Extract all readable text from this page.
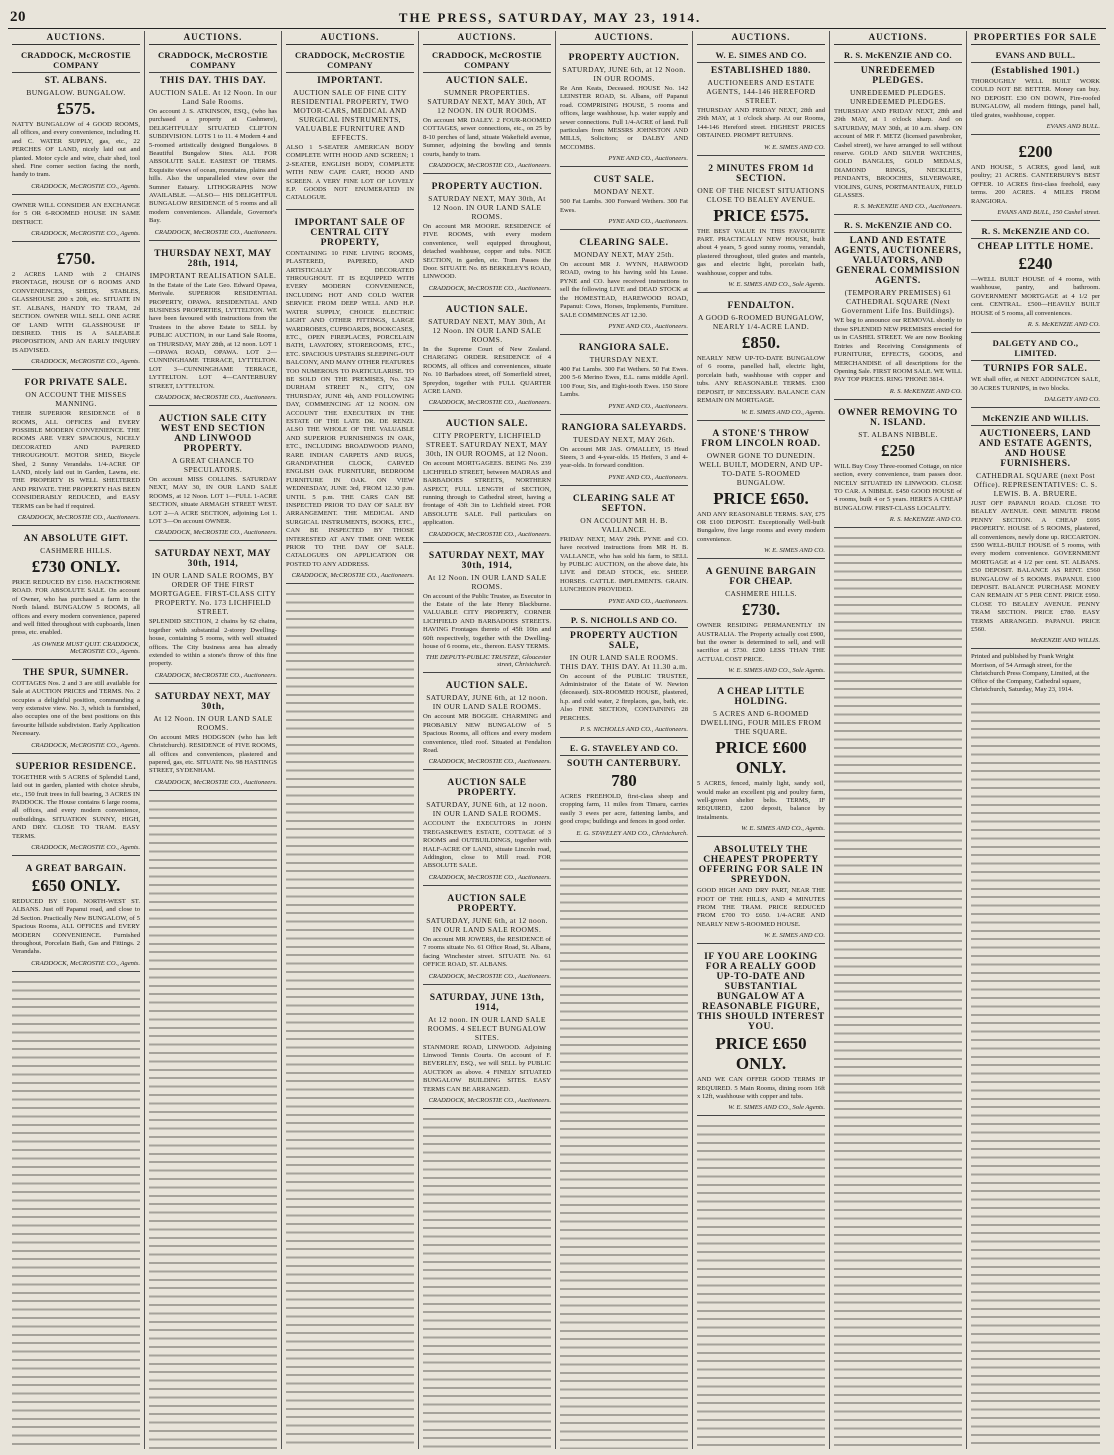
20	THE PRESS, SATURDAY, MAY 23, 1914.
AUCTIONS.
CRADDOCK, McCROSTIE COMPANY
ST. ALBANS.
BUNGALOW. BUNGALOW.
£575.

NATTY BUNGALOW of 4 GOOD ROOMS, all offices, and every convenience, including H. and C. WATER SUPPLY, gas, etc., 22 PERCHES OF LAND, nicely laid out and planted. Motor cycle and wire, chair shed, tool shed. Fine corner section facing the north, handy to tram.

CRADDOCK, McCROSTIE CO., Agents.

OWNER WILL CONSIDER AN EXCHANGE for 5 OR 6-ROOMED HOUSE IN SAME DISTRICT.

CRADDOCK, McCROSTIE CO., Agents.
£750.

2 ACRES LAND with 2 CHAINS FRONTAGE, HOUSE OF 6 ROOMS AND CONVENIENCES, SHEDS, STABLES, GLASSHOUSE 200 x 20ft, etc. SITUATE IN ST. ALBANS, HANDY TO TRAM, 2d SECTION. OWNER WILL SELL ONE ACRE OF LAND WITH GLASSHOUSE IF DESIRED. THIS IS A SALEABLE PROPOSITION, AND AN EARLY INQUIRY IS ADVISED.

CRADDOCK, McCROSTIE CO., Agents.
FOR PRIVATE SALE.
ON ACCOUNT THE MISSES MANNING.

THEIR SUPERIOR RESIDENCE of 8 ROOMS, ALL OFFICES and EVERY POSSIBLE MODERN CONVENIENCE. THE ROOMS ARE VERY SPACIOUS, NICELY DECORATED AND PAPERED THROUGHOUT. MOTOR SHED, Bicycle Shed, 2 Sunny Verandahs. 1/4-ACRE OF LAND, nicely laid out in Garden, Lawns, etc. THE PROPERTY IS WELL SHELTERED AND PRIVATE. THE PROPERTY HAS BEEN CONSIDERABLY REDUCED, and EASY TERMS can be had if required.

CRADDOCK, McCROSTIE CO., Auctioneers.
AN ABSOLUTE GIFT.
CASHMERE HILLS.
£730 ONLY.

PRICE REDUCED BY £150. HACKTHORNE ROAD. FOR ABSOLUTE SALE. On account of Owner, who has purchased a farm in the North Island. BUNGALOW 5 ROOMS, all offices and every modern convenience, papered and well fitted throughout with cupboards, linen press, etc. enabled.

AS OWNER MUST QUIT. CRADDOCK, McCROSTIE CO., Agents.
THE SPUR, SUMNER.

COTTAGES Nos. 2 and 3 are still available for Sale at AUCTION PRICES and TERMS. No. 2 occupies a delightful position, commanding a very extensive view. No. 3, which is furnished, also occupies one of the best positions on this favourite hillside subdivision. Early Application Necessary.

CRADDOCK, McCROSTIE CO., Agents.
SUPERIOR RESIDENCE.

TOGETHER with 5 ACRES of Splendid Land, laid out in garden, planted with choice shrubs, etc., 150 fruit trees in full bearing, 3 ACRES IN PADDOCK. The House contains 6 large rooms, all offices, and every modern convenience, outbuildings. SITUATION SUNNY, HIGH, AND DRY. CLOSE TO TRAM. EASY TERMS.

CRADDOCK, McCROSTIE CO., Agents.
A GREAT BARGAIN.
£650 ONLY.

REDUCED BY £100. NORTH-WEST ST. ALBANS. Just off Papanui road, and close to 2d Section. Practically New BUNGALOW, of 5 Spacious Rooms, ALL OFFICES and EVERY MODERN CONVENIENCE. Furnished throughout, Porcelain Bath, Gas and Fittings. 2 Verandahs.

CRADDOCK, McCROSTIE CO., Agents.
AUCTIONS.
CRADDOCK, McCROSTIE COMPANY
THIS DAY. THIS DAY.
AUCTION SALE. At 12 Noon. In our Land Sale Rooms.

On account J. S. ATKINSON, ESQ., (who has purchased a property at Cashmere), DELIGHTFULLY SITUATED CLIFTON SUBDIVISION. LOTS 1 to 11. 4 Modern 4 and 5-roomed artistically designed Bungalows. 8 Beautiful Bungalow Sites. ALL FOR ABSOLUTE SALE. EASIEST OF TERMS. Exquisite views of ocean, mountains, plains and hills. Also the unparalleled view over the Sumner Estuary. LITHOGRAPHS NOW AVAILABLE. —ALSO— HIS DELIGHTFUL BUNGALOW RESIDENCE of 5 rooms and all modern conveniences. Allandale, Governor's Bay.

CRADDOCK, McCROSTIE CO., Auctioneers.
THURSDAY NEXT, MAY 28th, 1914,
IMPORTANT REALISATION SALE.

In the Estate of the Late Geo. Edward Opawa, Merivale. SUPERIOR RESIDENTIAL PROPERTY, OPAWA. RESIDENTIAL AND BUSINESS PROPERTIES, LYTTELTON. WE have been favoured with instructions from the Trustees in the above Estate to SELL by PUBLIC AUCTION, in our Land Sale Rooms, on THURSDAY, MAY 28th, at 12 noon. LOT 1—OPAWA ROAD, OPAWA. LOT 2—CUNNINGHAME TERRACE, LYTTELTON. LOT 3—CUNNINGHAME TERRACE, LYTTELTON. LOT 4—CANTERBURY STREET, LYTTELTON.

CRADDOCK, McCROSTIE CO., Auctioneers.
AUCTION SALE CITY WEST END SECTION AND LINWOOD PROPERTY.
A GREAT CHANCE TO SPECULATORS.

On account MISS COLLINS. SATURDAY NEXT, MAY 30, IN OUR LAND SALE ROOMS, at 12 Noon. LOT 1—FULL 1-ACRE SECTION, situate ARMAGH STREET WEST. LOT 2—A ACRE SECTION, adjoining Lot 1. LOT 3—On account OWNER.

CRADDOCK, McCROSTIE CO., Auctioneers.
SATURDAY NEXT, MAY 30th, 1914,
IN OUR LAND SALE ROOMS, BY ORDER OF THE FIRST MORTGAGEE. FIRST-CLASS CITY PROPERTY. No. 173 LICHFIELD STREET.

SPLENDID SECTION, 2 chains by 62 chains, together with substantial 2-storey Dwelling-house, containing 5 rooms, with well situated offices. The City business area has already extended to within a stone's throw of this fine property.

CRADDOCK, McCROSTIE CO., Auctioneers.
SATURDAY NEXT, MAY 30th,
At 12 Noon. IN OUR LAND SALE ROOMS.

On account MRS HODGSON (who has left Christchurch). RESIDENCE of FIVE ROOMS, all offices and conveniences, plastered and papered, gas, etc. SITUATE No. 98 HASTINGS STREET, SYDENHAM.

CRADDOCK, McCROSTIE CO., Auctioneers.
AUCTIONS.
CRADDOCK, McCROSTIE COMPANY
IMPORTANT.
AUCTION SALE OF FINE CITY RESIDENTIAL PROPERTY, TWO MOTOR-CARS, MEDICAL AND SURGICAL INSTRUMENTS, VALUABLE FURNITURE AND EFFECTS.

ALSO 1 5-SEATER AMERICAN BODY COMPLETE WITH HOOD AND SCREEN; 1 2-SEATER, ENGLISH BODY, COMPLETE WITH NEW CAPE CART, HOOD AND SCREEN. A VERY FINE LOT OF LOVELY E.P. GOODS NOT ENUMERATED IN CATALOGUE.

IMPORTANT SALE OF CENTRAL CITY PROPERTY,

CONTAINING 10 FINE LIVING ROOMS, PLASTERED, PAPERED, AND ARTISTICALLY DECORATED THROUGHOUT. IT IS EQUIPPED WITH EVERY MODERN CONVENIENCE, INCLUDING HOT AND COLD WATER SERVICE FROM DEEP WELL AND H.P. WATER SUPPLY, CHOICE ELECTRIC LIGHT AND OTHER FITTINGS, LARGE WARDROBES, CUPBOARDS, BOOKCASES, ETC., OPEN FIREPLACES, PORCELAIN BATH, LAVATORY, STOREROOMS, ETC., ETC. SPACIOUS UPSTAIRS SLEEPING-OUT BALCONY, AND MANY OTHER FEATURES TOO NUMEROUS TO PARTICULARISE. TO BE SOLD ON THE PREMISES, No. 324 DURHAM STREET N., CITY, ON THURSDAY, JUNE 4th, AND FOLLOWING DAY, COMMENCING AT 12 NOON. ON ACCOUNT THE EXECUTRIX IN THE ESTATE OF THE LATE DR. DE RENZI. ALSO THE WHOLE OF THE VALUABLE AND SUPERIOR FURNISHINGS IN OAK, ETC., INCLUDING BROADWOOD PIANO, RARE INDIAN CARPETS AND RUGS, GRANDFATHER CLOCK, CARVED ENGLISH OAK FURNITURE, BEDROOM FURNITURE IN OAK. ON VIEW WEDNESDAY, JUNE 3rd, FROM 12.30 p.m. UNTIL 5 p.m. THE CARS CAN BE INSPECTED PRIOR TO DAY OF SALE BY ARRANGEMENT. THE MEDICAL AND SURGICAL INSTRUMENTS, BOOKS, ETC., CAN BE INSPECTED BY THOSE INTERESTED AT ANY TIME ONE WEEK PRIOR TO THE DAY OF SALE. CATALOGUES ON APPLICATION OR POSTED TO ANY ADDRESS.

CRADDOCK, McCROSTIE CO., Auctioneers.
AUCTIONS.
CRADDOCK, McCROSTIE COMPANY
AUCTION SALE.
SUMNER PROPERTIES. SATURDAY NEXT, MAY 30th, AT 12 NOON. IN OUR ROOMS.

On account MR DALEY. 2 FOUR-ROOMED COTTAGES, sewer connections, etc., on 25 by 8-10 perches of land, situate Wakefield avenue, Sumner, adjoining the bowling and tennis courts, handy to tram.

CRADDOCK, McCROSTIE CO., Auctioneers.
PROPERTY AUCTION.
SATURDAY NEXT, MAY 30th, At 12 Noon. IN OUR LAND SALE ROOMS.

On account MR MOORE. RESIDENCE of FIVE ROOMS, with every modern convenience, well equipped throughout, detached washhouse, copper and tubs. NICE SECTION, in garden, etc. Tram Passes the Door. SITUATE No. 85 BERKELEY'S ROAD, LINWOOD.

CRADDOCK, McCROSTIE CO., Auctioneers.
AUCTION SALE.
SATURDAY NEXT, MAY 30th, At 12 Noon. IN OUR LAND SALE ROOMS.

In the Supreme Court of New Zealand. CHARGING ORDER. RESIDENCE of 4 ROOMS, all offices and conveniences, situate No. 10 Barbadoes street, off Somerfield street, Spreydon, together with FULL QUARTER ACRE LAND.

CRADDOCK, McCROSTIE CO., Auctioneers.
AUCTION SALE.
CITY PROPERTY, LICHFIELD STREET. SATURDAY NEXT, MAY 30th, IN OUR ROOMS, at 12 Noon.

On account MORTGAGEES. BEING No. 239 LICHFIELD STREET, between MADRAS and BARBADOES STREETS, NORTHERN ASPECT, FULL LENGTH of SECTION, running through to Cathedral street, having a frontage of 43ft 3in to Lichfield street. FOR ABSOLUTE SALE. Full particulars on application.

CRADDOCK, McCROSTIE CO., Auctioneers.
SATURDAY NEXT, MAY 30th, 1914,
At 12 Noon. IN OUR LAND SALE ROOMS.

On account of the Public Trustee, as Executor in the Estate of the late Henry Blackburne. VALUABLE CITY PROPERTY, CORNER LICHFIELD AND BARBADOES STREETS. HAVING Frontages thereto of 45ft 10in and 60ft respectively, together with the Dwelling-house of 6 rooms, etc., thereon. EASY TERMS.

THE DEPUTY-PUBLIC TRUSTEE, Gloucester street, Christchurch.
AUCTION SALE.
SATURDAY, JUNE 6th, at 12 noon. IN OUR LAND SALE ROOMS.

On account MR BOGGIE. CHARMING and PROBABLY NEW BUNGALOW of 5 Spacious Rooms, all offices and every modern convenience, tiled roof. Situated at Fendalton Road.

CRADDOCK, McCROSTIE CO., Auctioneers.
AUCTION SALE PROPERTY.
SATURDAY, JUNE 6th, at 12 noon. IN OUR LAND SALE ROOMS.

ACCOUNT the EXECUTORS in JOHN TREGASKEWE'S ESTATE, COTTAGE of 3 ROOMS and OUTBUILDINGS, together with HALF-ACRE OF LAND, situate Lincoln road, Addington, close to Mill road. FOR ABSOLUTE SALE.

CRADDOCK, McCROSTIE CO., Auctioneers.
AUCTION SALE PROPERTY.
SATURDAY, JUNE 6th, at 12 noon. IN OUR LAND SALE ROOMS.

On account MR JOWERS, the RESIDENCE of 7 rooms situate No. 61 Office Road, St. Albans, facing Winchester street. SITUATE No. 61 OFFICE ROAD, ST. ALBANS.

CRADDOCK, McCROSTIE CO., Auctioneers.
SATURDAY, JUNE 13th, 1914,
At 12 noon. IN OUR LAND SALE ROOMS. 4 SELECT BUNGALOW SITES.

STANMORE ROAD, LINWOOD. Adjoining Linwood Tennis Courts. On account of F. BEVERLEY, ESQ., we will SELL by PUBLIC AUCTION as above. 4 FINELY SITUATED BUNGALOW BUILDING SITES. EASY TERMS CAN BE ARRANGED.

CRADDOCK, McCROSTIE CO., Auctioneers.
AUCTIONS.
PROPERTY AUCTION.
SATURDAY, JUNE 6th, at 12 Noon. IN OUR ROOMS.

Re Ann Keats, Deceased. HOUSE No. 142 LEINSTER ROAD, St. Albans, off Papanui road. COMPRISING HOUSE, 5 rooms and offices, large washhouse, h.p. water supply and sewer connections. Full 1/4-ACRE of land. Full particulars from MESSRS JOHNSTON AND MILLS, Solicitors; or DALBY AND MCCOMBS.

PYNE AND CO., Auctioneers.
CUST SALE.
MONDAY NEXT.

500 Fat Lambs. 300 Forward Wethers. 300 Fat Ewes.

PYNE AND CO., Auctioneers.
CLEARING SALE.
MONDAY NEXT, MAY 25th.

On account MR J. WYNN, HARWOOD ROAD, owing to his having sold his Lease. PYNE and CO. have received instructions to sell the following LIVE and DEAD STOCK at the HOMESTEAD, HAREWOOD ROAD, Papanui: Cows, Horses, Implements, Furniture. SALE COMMENCES AT 12.30.

PYNE AND CO., Auctioneers.
RANGIORA SALE.
THURSDAY NEXT.

400 Fat Lambs. 300 Fat Wethers. 50 Fat Ewes. 200 5-6 Merino Ewes, E.L. rams middle April. 100 Four, Six, and Eight-tooth Ewes. 150 Store Lambs.

PYNE AND CO., Auctioneers.
RANGIORA SALEYARDS.
TUESDAY NEXT, MAY 26th.

On account MR JAS. O'MALLEY, 15 Head Steers, 3 and 4-year-olds. 15 Heifers, 3 and 4-year-olds. In forward condition.

PYNE AND CO., Auctioneers.
CLEARING SALE AT SEFTON.
ON ACCOUNT MR H. B. VALLANCE.

FRIDAY NEXT, MAY 29th. PYNE and CO. have received instructions from MR H. B. VALLANCE, who has sold his farm, to SELL by PUBLIC AUCTION, on the above date, his LIVE and DEAD STOCK, etc. SHEEP. HORSES. CATTLE. IMPLEMENTS. GRAIN. LUNCHEON PROVIDED.

PYNE AND CO., Auctioneers.
P. S. NICHOLLS AND CO.
PROPERTY AUCTION SALE,
IN OUR LAND SALE ROOMS. THIS DAY. THIS DAY. At 11.30 a.m.

On account of the PUBLIC TRUSTEE, Administrator of the Estate of W. Newton (deceased). SIX-ROOMED HOUSE, plastered, h.p. and cold water, 2 fireplaces, gas, bath, etc. Also FINE SECTION, CONTAINING 28 PERCHES.

P. S. NICHOLLS AND CO., Auctioneers.
E. G. STAVELEY AND CO.
SOUTH CANTERBURY.
780

ACRES FREEHOLD, first-class sheep and cropping farm, 11 miles from Timaru, carries easily 3 ewes per acre, fattening lambs, and good crops; buildings and fences in good order.

E. G. STAVELEY AND CO., Christchurch.
AUCTIONS.
W. E. SIMES AND CO.
ESTABLISHED 1880.
AUCTIONEERS AND ESTATE AGENTS, 144-146 HEREFORD STREET.

THURSDAY AND FRIDAY NEXT, 28th and 29th MAY, at 1 o'clock sharp. At our Rooms, 144-146 Hereford street. HIGHEST PRICES OBTAINED. PROMPT RETURNS.

W. E. SIMES AND CO.
2 MINUTES FROM 1d SECTION.
ONE OF THE NICEST SITUATIONS CLOSE TO BEALEY AVENUE.
PRICE £575.

THE BEST VALUE IN THIS FAVOURITE PART. PRACTICALLY NEW HOUSE, built about 4 years, 5 good sunny rooms, verandah, plastered throughout, tiled grates and mantels, gas and electric light, porcelain bath, washhouse, copper and tubs.

W. E. SIMES AND CO., Sole Agents.
FENDALTON.
A GOOD 6-ROOMED BUNGALOW, NEARLY 1/4-ACRE LAND.
£850.

NEARLY NEW UP-TO-DATE BUNGALOW of 6 rooms, panelled hall, electric light, porcelain bath, washhouse with copper and tubs. ANY REASONABLE TERMS. £300 DEPOSIT, IF NECESSARY. BALANCE CAN REMAIN ON MORTGAGE.

W. E. SIMES AND CO., Agents.
A STONE'S THROW FROM LINCOLN ROAD.
OWNER GONE TO DUNEDIN. WELL BUILT, MODERN, AND UP-TO-DATE 5-ROOMED BUNGALOW.
PRICE £650.

AND ANY REASONABLE TERMS. SAY, £75 OR £100 DEPOSIT. Exceptionally Well-built Bungalow, five large rooms and every modern convenience.

W. E. SIMES AND CO.
A GENUINE BARGAIN FOR CHEAP.
CASHMERE HILLS.
£730.

OWNER RESIDING PERMANENTLY IN AUSTRALIA. The Property actually cost £900, but the owner is determined to sell, and will sacrifice at £730. £200 LESS THAN THE ACTUAL COST PRICE.

W. E. SIMES AND CO., Sole Agents.
A CHEAP LITTLE HOLDING.
5 ACRES AND 6-ROOMED DWELLING, FOUR MILES FROM THE SQUARE.
PRICE £600 ONLY.

5 ACRES, fenced, mainly light, sandy soil, would make an excellent pig and poultry farm, well-grown shelter belts. TERMS, IF REQUIRED, £200 deposit, balance by instalments.

W. E. SIMES AND CO., Agents.
ABSOLUTELY THE CHEAPEST PROPERTY OFFERING FOR SALE IN SPREYDON.

GOOD HIGH AND DRY PART, NEAR THE FOOT OF THE HILLS, AND 4 MINUTES FROM THE TRAM. PRICE REDUCED FROM £700 TO £650. 1/4-ACRE AND NEARLY NEW 5-ROOMED HOUSE.

W. E. SIMES AND CO.
IF YOU ARE LOOKING FOR A REALLY GOOD UP-TO-DATE AND SUBSTANTIAL BUNGALOW AT A REASONABLE FIGURE, THIS SHOULD INTEREST YOU.
PRICE £650 ONLY.

AND WE CAN OFFER GOOD TERMS IF REQUIRED. 5 Main Rooms, dining room 16ft x 12ft, washhouse with copper and tubs.

W. E. SIMES AND CO., Sole Agents.
AUCTIONS.
R. S. McKENZIE AND CO.
UNREDEEMED PLEDGES.
UNREDEEMED PLEDGES. UNREDEEMED PLEDGES.

THURSDAY AND FRIDAY NEXT, 28th and 29th MAY, at 1 o'clock sharp. And on SATURDAY, MAY 30th, at 10 a.m. sharp. ON account of MR F. METZ (licensed pawnbroker, Cashel street), we have arranged to sell without reserve. GOLD AND SILVER WATCHES, GOLD BANGLES, GOLD MEDALS, DIAMOND RINGS, NECKLETS, PENDANTS, BROOCHES, SILVERWARE, VIOLINS, GUNS, PORTMANTEAUX, FIELD GLASSES.

R. S. McKENZIE AND CO., Auctioneers.
R. S. McKENZIE AND CO.
LAND AND ESTATE AGENTS, AUCTIONEERS, VALUATORS, AND GENERAL COMMISSION AGENTS.
(TEMPORARY PREMISES) 61 CATHEDRAL SQUARE (Next Government Life Ins. Buildings).

WE beg to announce our REMOVAL shortly to those SPLENDID NEW PREMISES erected for us in CASHEL STREET. We are now Booking Entries and Receiving Consignments of FURNITURE, EFFECTS, GOODS, and MERCHANDISE of all descriptions for the Opening Sale. FIRST ROOM SALE. WE WILL PAY TOP PRICES. RING 'PHONE 3814.

R. S. McKENZIE AND CO.
OWNER REMOVING TO N. ISLAND.
ST. ALBANS NIBBLE.
£250

WILL Buy Cosy Three-roomed Cottage, on nice section, every convenience, tram passes door. NICELY SITUATED IN LINWOOD. CLOSE TO CAR. A NIBBLE. £450 GOOD HOUSE of 4 rooms, built 4 or 5 years. HERE'S A CHEAP BUNGALOW. FIRST-CLASS LOCALITY.

R. S. McKENZIE AND CO.
PROPERTIES FOR SALE
EVANS AND BULL.
(Established 1901.)

THOROUGHLY WELL BUILT WORK COULD NOT BE BETTER. Money can buy. NO DEPOSIT. £30 ON DOWN, Fire-roofed BUNGALOW, all modern fittings, panel hall, tiled grates, washhouse, copper.

EVANS AND BULL.
£200

AND HOUSE, 5 ACRES, good land, suit poultry; 21 ACRES. CANTERBURY'S BEST OFFER. 10 ACRES first-class freehold, easy terms. 200 ACRES. 4 MILES FROM RANGIORA.

EVANS AND BULL, 150 Cashel street.
R. S. McKENZIE AND CO.
CHEAP LITTLE HOME.
£240

—WELL BUILT HOUSE of 4 rooms, with washhouse, pantry, and bathroom. GOVERNMENT MORTGAGE at 4 1/2 per cent. CENTRAL. £500—HEAVILY BUILT HOUSE of 5 rooms, all conveniences.

R. S. McKENZIE AND CO.
DALGETY AND CO., LIMITED.
TURNIPS FOR SALE.

WE shall offer, at NEXT ADDINGTON SALE, 30 ACRES TURNIPS, in two blocks.

DALGETY AND CO.
McKENZIE AND WILLIS.
AUCTIONEERS, LAND AND ESTATE AGENTS, AND HOUSE FURNISHERS.
CATHEDRAL SQUARE (next Post Office). REPRESENTATIVES: C. S. LEWIS. B. A. BRUERE.

JUST OFF PAPANUI ROAD. CLOSE TO BEALEY AVENUE. ONE MINUTE FROM PENNY SECTION. A CHEAP £695 PROPERTY. HOUSE of 5 ROOMS, plastered, all conveniences, newly done up. RICCARTON. £590 WELL-BUILT HOUSE of 5 rooms, with every modern convenience. GOVERNMENT MORTGAGE at 4 1/2 per cent. ST. ALBANS. £50 DEPOSIT. BALANCE AS RENT. £560 BUNGALOW of 5 ROOMS. PAPANUI. £100 DEPOSIT. BALANCE PURCHASE MONEY CAN REMAIN AT 5 PER CENT. PRICE £950. CLOSE TO BEALEY AVENUE. PENNY TRAM SECTION. PRICE £780. EASY TERMS ARRANGED. PAPANUI. PRICE £560.

McKENZIE AND WILLIS.
Printed and published by Frank Wright Morrison, of 54 Armagh street, for the Christchurch Press Company, Limited, at the Office of the Company, Cathedral square, Christchurch, Saturday, May 23, 1914.
